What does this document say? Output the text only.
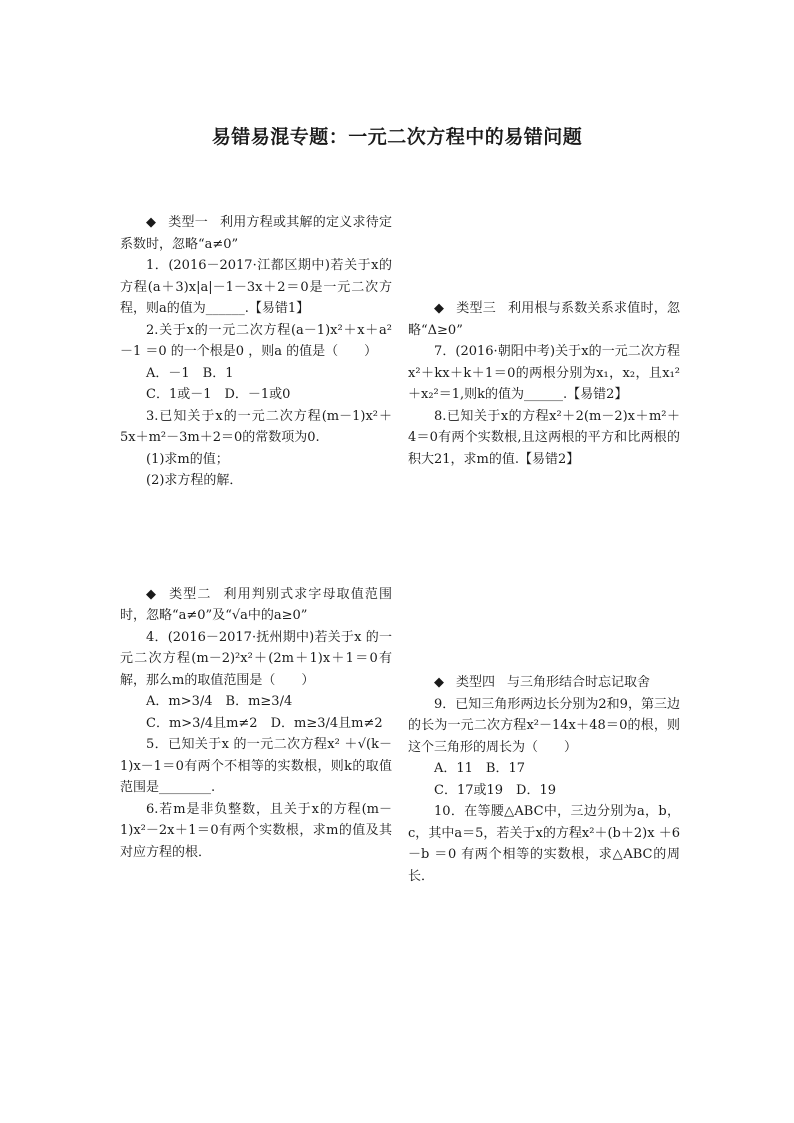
易错易混专题：一元二次方程中的易错问题

◆ 类型一 利用方程或其解的定义求待定系数时，忽略“a≠0”

1．(2016－2017·江都区期中)若关于x的方程(a＋3)x|a|－1－3x＋2＝0是一元二次方程，则a的值为______.【易错1】

2.关于x的一元二次方程(a－1)x²＋x＋a² －1 ＝0 的一个根是0 ，则a 的值是（　　）

A．－1　B．1

C．1或－1　D．－1或0

3.已知关于x的一元二次方程(m－1)x²＋5x＋m²－3m＋2＝0的常数项为0.

(1)求m的值；

(2)求方程的解．

◆ 类型二 利用判别式求字母取值范围时，忽略“a≠0”及“√a中的a≥0”

4．(2016－2017·抚州期中)若关于x 的一元二次方程(m－2)²x²＋(2m＋1)x＋1＝0有解，那么m的取值范围是（　　）

A．m>3/4　B．m≥3/4

C．m>3/4且m≠2　D．m≥3/4且m≠2

5．已知关于x 的一元二次方程x² ＋√(k－1)x－1＝0有两个不相等的实数根，则k的取值范围是________.

6.若m是非负整数，且关于x的方程(m－1)x²－2x＋1＝0有两个实数根，求m的值及其对应方程的根．

◆ 类型三 利用根与系数关系求值时，忽略“Δ≥0”

7．(2016·朝阳中考)关于x的一元二次方程x²＋kx＋k＋1＝0的两根分别为x₁，x₂，且x₁²＋x₂²＝1,则k的值为______.【易错2】

8.已知关于x的方程x²＋2(m－2)x＋m²＋4＝0有两个实数根,且这两根的平方和比两根的积大21，求m的值.【易错2】

◆ 类型四 与三角形结合时忘记取舍

9．已知三角形两边长分别为2和9，第三边的长为一元二次方程x²－14x＋48＝0的根，则这个三角形的周长为（　　）

A．11　B．17

C．17或19　D．19

10．在等腰△ABC中，三边分别为a，b，c，其中a＝5，若关于x的方程x²＋(b＋2)x ＋6 －b ＝0 有两个相等的实数根，求△ABC的周长．
